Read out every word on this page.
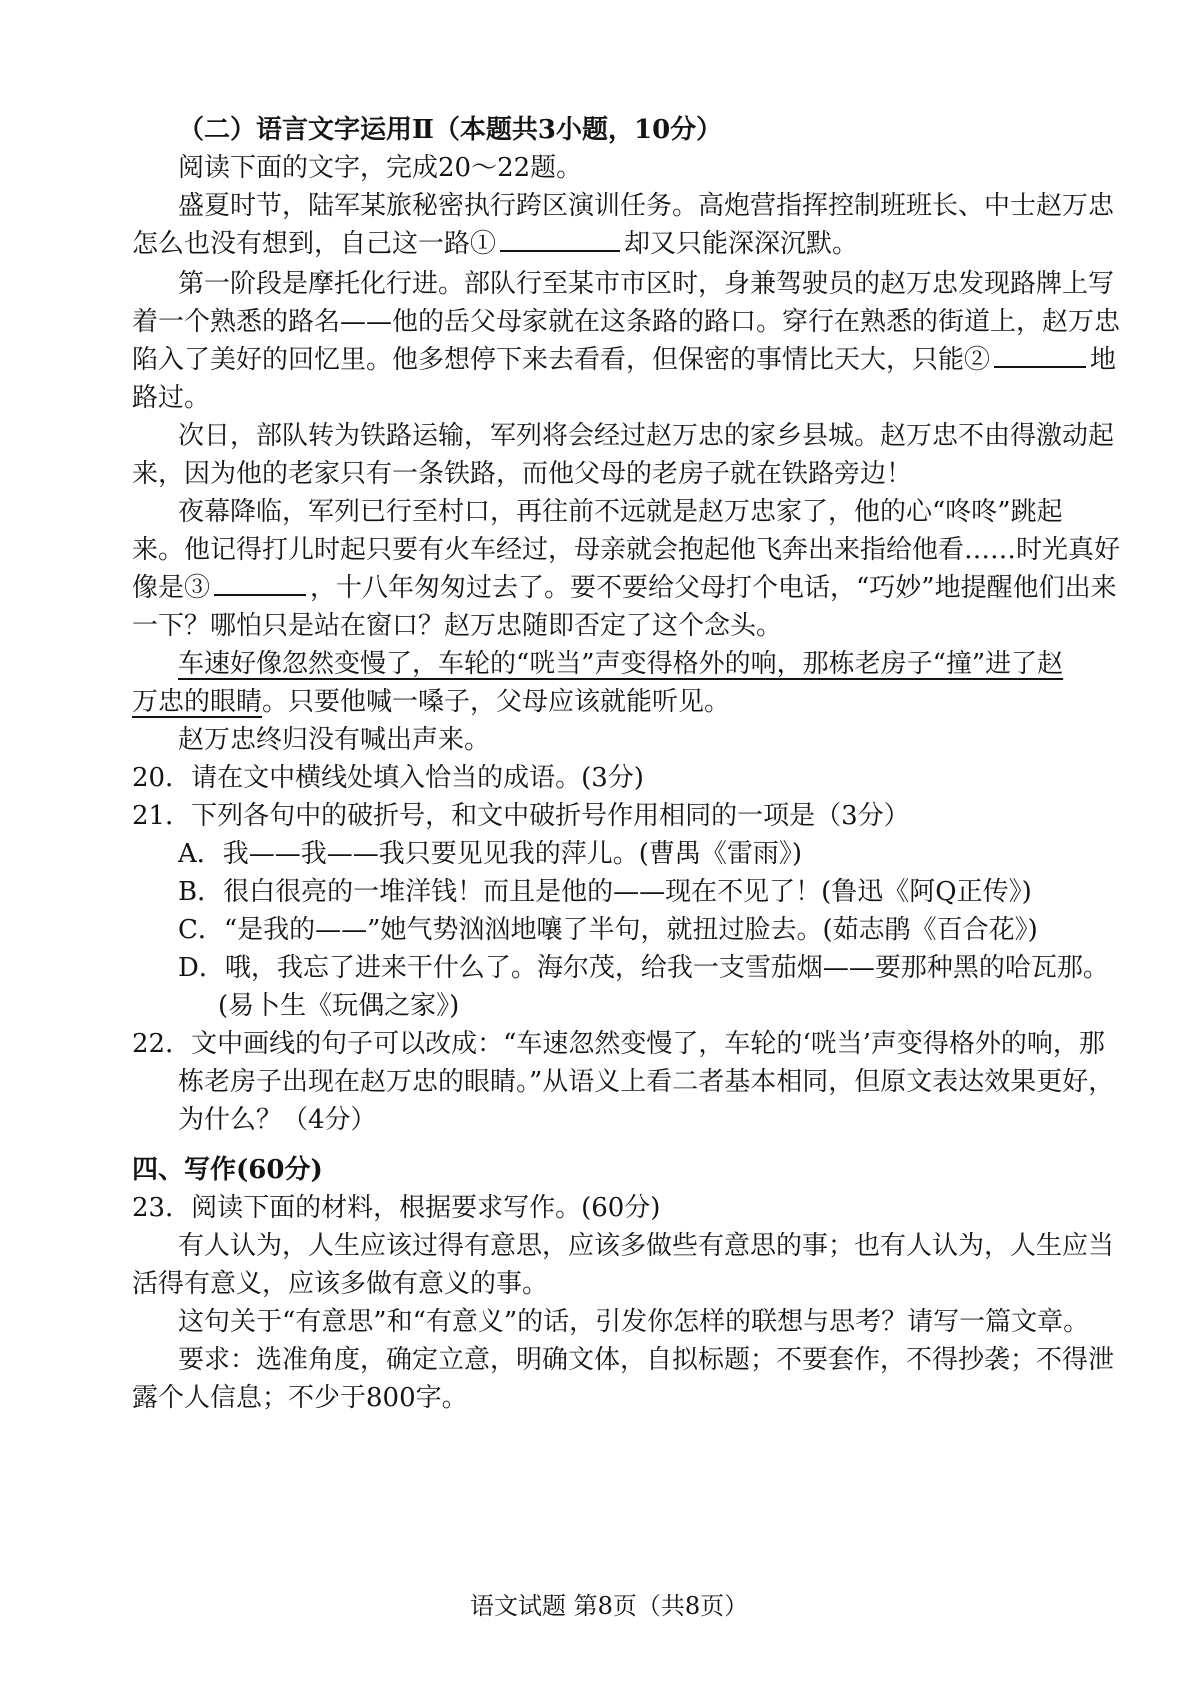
（二）语言文字运用Ⅱ（本题共3小题，10分）
阅读下面的文字，完成20～22题。
盛夏时节，陆军某旅秘密执行跨区演训任务。高炮营指挥控制班班长、中士赵万忠
怎么也没有想到，自己这一路①	却又只能深深沉默。
第一阶段是摩托化行进。部队行至某市市区时，身兼驾驶员的赵万忠发现路牌上写
着一个熟悉的路名——他的岳父母家就在这条路的路口。穿行在熟悉的街道上，赵万忠
陷入了美好的回忆里。他多想停下来去看看，但保密的事情比天大，只能②	地
路过。
次日，部队转为铁路运输，军列将会经过赵万忠的家乡县城。赵万忠不由得激动起
来，因为他的老家只有一条铁路，而他父母的老房子就在铁路旁边！
夜幕降临，军列已行至村口，再往前不远就是赵万忠家了，他的心“咚咚”跳起
来。他记得打儿时起只要有火车经过，母亲就会抱起他飞奔出来指给他看……时光真好
像是③	，十八年匆匆过去了。要不要给父母打个电话，“巧妙”地提醒他们出来
一下？哪怕只是站在窗口？赵万忠随即否定了这个念头。
车速好像忽然变慢了，车轮的“咣当”声变得格外的响，那栋老房子“撞”进了赵
万忠的眼睛。只要他喊一嗓子，父母应该就能听见。
赵万忠终归没有喊出声来。
20．请在文中横线处填入恰当的成语。(3分)
21．下列各句中的破折号，和文中破折号作用相同的一项是（3分）
A．我——我——我只要见见我的萍儿。(曹禺《雷雨》)
B．很白很亮的一堆洋钱！而且是他的——现在不见了！(鲁迅《阿Q正传》)
C．“是我的——”她气势汹汹地嚷了半句，就扭过脸去。(茹志鹃《百合花》)
D．哦，我忘了进来干什么了。海尔茂，给我一支雪茄烟——要那种黑的哈瓦那。
(易卜生《玩偶之家》)
22．文中画线的句子可以改成：“车速忽然变慢了，车轮的‘咣当’声变得格外的响，那
栋老房子出现在赵万忠的眼睛。”从语义上看二者基本相同，但原文表达效果更好，
为什么？（4分）
四、写作(60分)
23．阅读下面的材料，根据要求写作。(60分)
有人认为，人生应该过得有意思，应该多做些有意思的事；也有人认为，人生应当
活得有意义，应该多做有意义的事。
这句关于“有意思”和“有意义”的话，引发你怎样的联想与思考？请写一篇文章。
要求：选准角度，确定立意，明确文体，自拟标题；不要套作，不得抄袭；不得泄
露个人信息；不少于800字。
语文试题 第8页（共8页）
